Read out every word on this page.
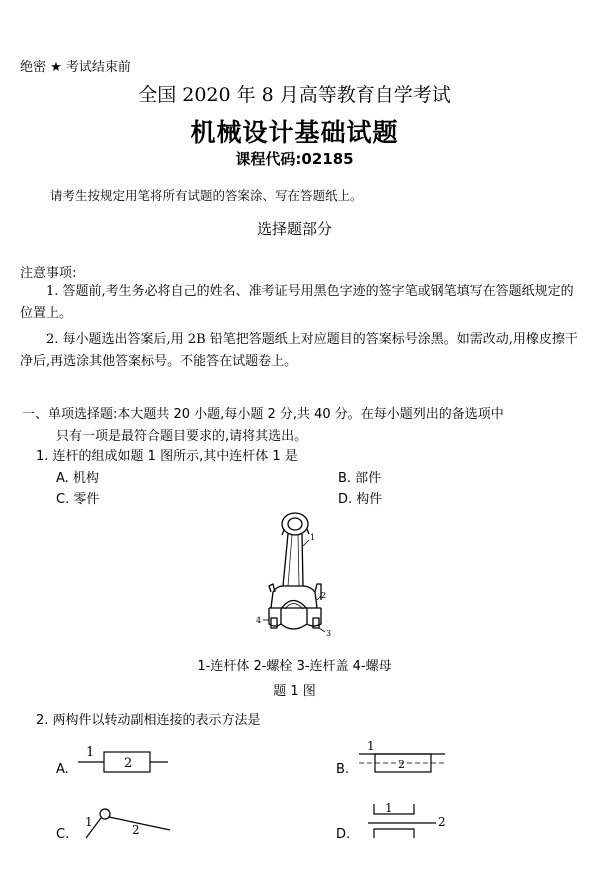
绝密 ★ 考试结束前
全国 2020 年 8 月高等教育自学考试
机械设计基础试题
课程代码:02185
请考生按规定用笔将所有试题的答案涂、写在答题纸上。
选择题部分
注意事项:
1. 答题前,考生务必将自己的姓名、准考证号用黑色字迹的签字笔或钢笔填写在答题纸规定的位置上。
2. 每小题选出答案后,用 2B 铅笔把答题纸上对应题目的答案标号涂黑。如需改动,用橡皮擦干净后,再选涂其他答案标号。不能答在试题卷上。
一、单项选择题:本大题共 20 小题,每小题 2 分,共 40 分。在每小题列出的备选项中
只有一项是最符合题目要求的,请将其选出。
1. 连杆的组成如题 1 图所示,其中连杆体 1 是
A. 机构	B. 部件
C. 零件	D. 构件
1
2
3
4
1-连杆体 2-螺栓 3-连杆盖 4-螺母
题 1 图
2. 两构件以转动副相连接的表示方法是
A.
1
2	B.
1
2
C.
1
2	D.
1
2
